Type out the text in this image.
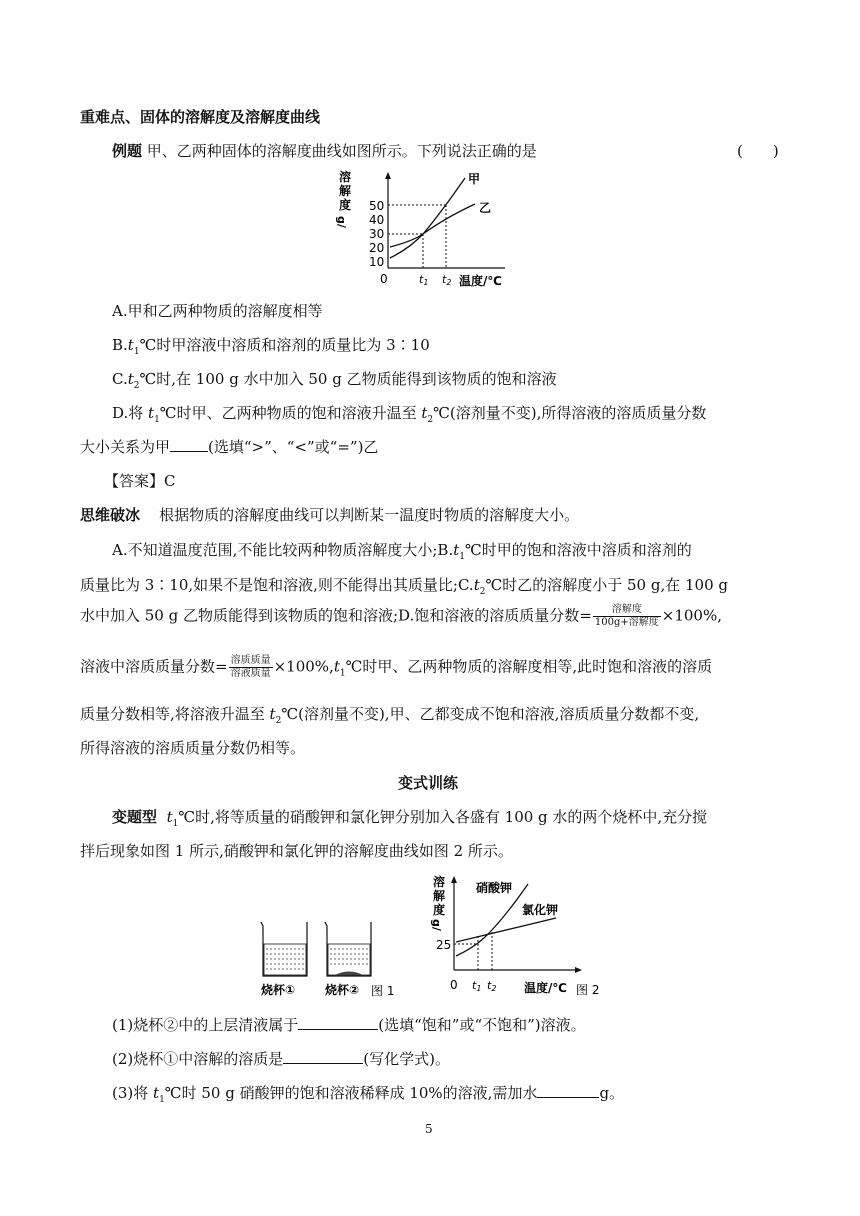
重难点、固体的溶解度及溶解度曲线
例题 甲、乙两种固体的溶解度曲线如图所示。下列说法正确的是	(　　)
溶
解
度
g/
50
40
30
20
10
甲
乙
0	t1 t2 温度/℃
A.甲和乙两种物质的溶解度相等
$B.t_1℃$时甲溶液中溶质和溶剂的质量比为 3∶10
$C.t_2℃$时,在 100 g 水中加入 50 g 乙物质能得到该物质的饱和溶液
D.将 $t_1℃$时甲、乙两种物质的饱和溶液升温至 $t_2℃$(溶剂量不变),所得溶液的溶质质量分数
大小关系为甲	(选填“>”、“<”或“=”)乙
【答案】C
思维破冰 根据物质的溶解度曲线可以判断某一温度时物质的溶解度大小。
A.不知道温度范围,不能比较两种物质溶解度大小$;B.t_1℃$时甲的饱和溶液中溶质和溶剂的
质量比为 3∶10,如果不是饱和溶液,则不能得出其质量比$;C.t_2℃$时乙的溶解度小于 50 g,在 100 g
水中加入 50 g 乙物质能得到该物质的饱和溶液;D.饱和溶液的溶质质量分数= $\frac{\text{溶解度}}{\text{100g+溶解度}} \times 100\%$,
溶液中溶质质量分数= $\frac{\text{溶质质量}}{\text{溶液质量}}$ $\times 100\%,t_1℃$时甲、乙两种物质的溶解度相等,此时饱和溶液的溶质
质量分数相等,将溶液升温至 $t_2℃$(溶剂量不变),甲、乙都变成不饱和溶液,溶质质量分数都不变,
所得溶液的溶质质量分数仍相等。
变式训练
变题型 $t_1℃$时,将等质量的硝酸钾和氯化钾分别加入各盛有 100 g 水的两个烧杯中,充分搅
拌后现象如图 1 所示,硝酸钾和氯化钾的溶解度曲线如图 2 所示。
烧杯① 烧杯② 图 1
溶
解
度
g/
25
硝酸钾
氯化钾
0 t1 t2 温度/℃ 图 2
(1)烧杯②中的上层清液属于	(选填“饱和”或“不饱和”)溶液。
(2)烧杯①中溶解的溶质是	(写化学式)。
(3)将 $t_1℃$时 50 g 硝酸钾的饱和溶液稀释成 10%的溶液,需加水	g。
5
